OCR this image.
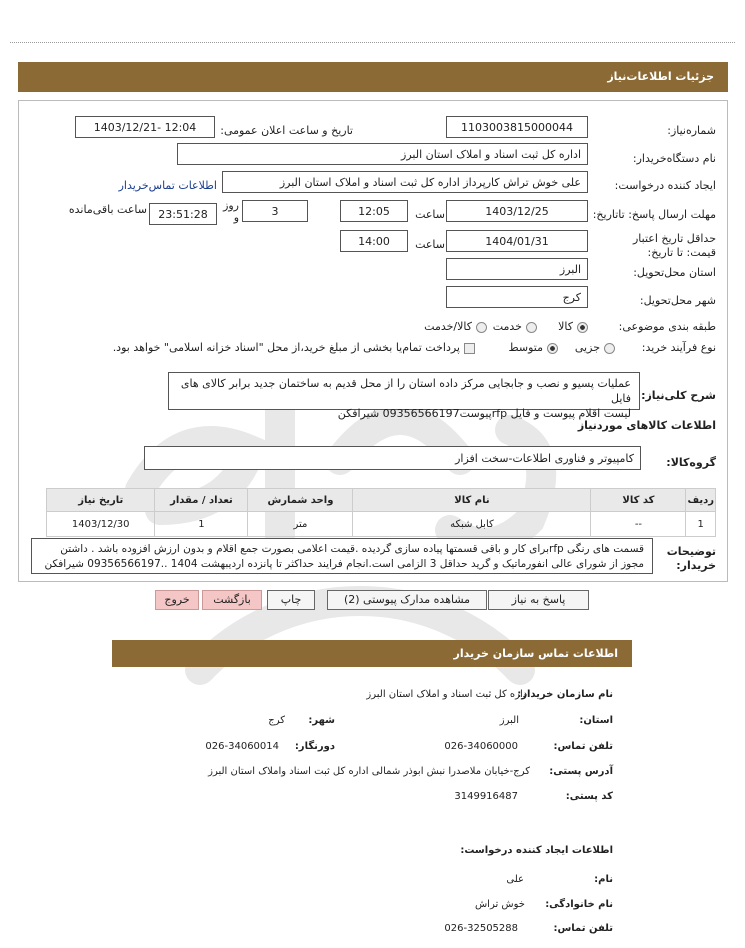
جزئیات اطلاعات‌نیاز
شماره‌نیاز:
1103003815000044
تاریخ و ساعت اعلان عمومی:
1403/12/21- 12:04
نام دستگاه‌خریدار:
اداره کل ثبت اسناد و املاک استان البرز
ایجاد کننده درخواست:
علی خوش تراش کارپرداز اداره کل ثبت اسناد و املاک استان البرز
اطلاعات تماس‌خریدار
مهلت ارسال پاسخ: تاتاریخ:
1403/12/25
ساعت
12:05
3
روز و
23:51:28
ساعت باقی‌مانده
حداقل تاریخ اعتبار قیمت: تا تاریخ:
1404/01/31
ساعت
14:00
استان محل‌تحویل:
البرز
شهر محل‌تحویل:
کرج
طبقه بندی موضوعی:
کالا
خدمت
کالا/خدمت
نوع فرآیند خرید:
جزیی
متوسط
پرداخت تمام‌یا بخشی از مبلغ خرید،از محل "اسناد خزانه اسلامی" خواهد بود.
شرح کلی‌نیاز:
عملیات پسیو و نصب و جابجایی مرکز داده استان را از محل قدیم به ساختمان جدید برابر کالای های فایل
لیست اقلام پیوست و فایل rfpپیوست09356566197 شیرافکن
اطلاعات کالاهای موردنیاز
گروه‌کالا:
کامپیوتر و فناوری اطلاعات-سخت افزار
ردیف	کد کالا	نام کالا	واحد شمارش	تعداد / مقدار	تاریخ نیاز
1	--	کابل شبکه	متر	1	1403/12/30
توضیحات خریدار:
قسمت های رنگی rfpبرای کار و باقی قسمتها پیاده سازی گردیده .قیمت اعلامی بصورت جمع اقلام و بدون ارزش افزوده باشد . داشتن
مجوز از شورای عالی انفورماتیک و گرید حداقل 3 الزامی است.انجام فرایند حداکثر تا پانزده اردیبهشت 1404 ..09356566197 شیرافکن
پاسخ به نیاز
مشاهده مدارک پیوستی (2)
چاپ
بازگشت
خروج
اطلاعات تماس سازمان خریدار
نام سازمان خریدار:
اداره کل ثبت اسناد و املاک استان البرز
استان:
البرز
شهر:
کرج
تلفن تماس:
026-34060000
دورنگار:
026-34060014
آدرس پستی:
کرج-خیابان ملاصدرا نبش ابوذر شمالی اداره کل ثبت اسناد واملاک استان البرز
کد پستی:
3149916487
اطلاعات ایجاد کننده درخواست:
نام:
علی
نام خانوادگی:
خوش تراش
تلفن تماس:
026-32505288
